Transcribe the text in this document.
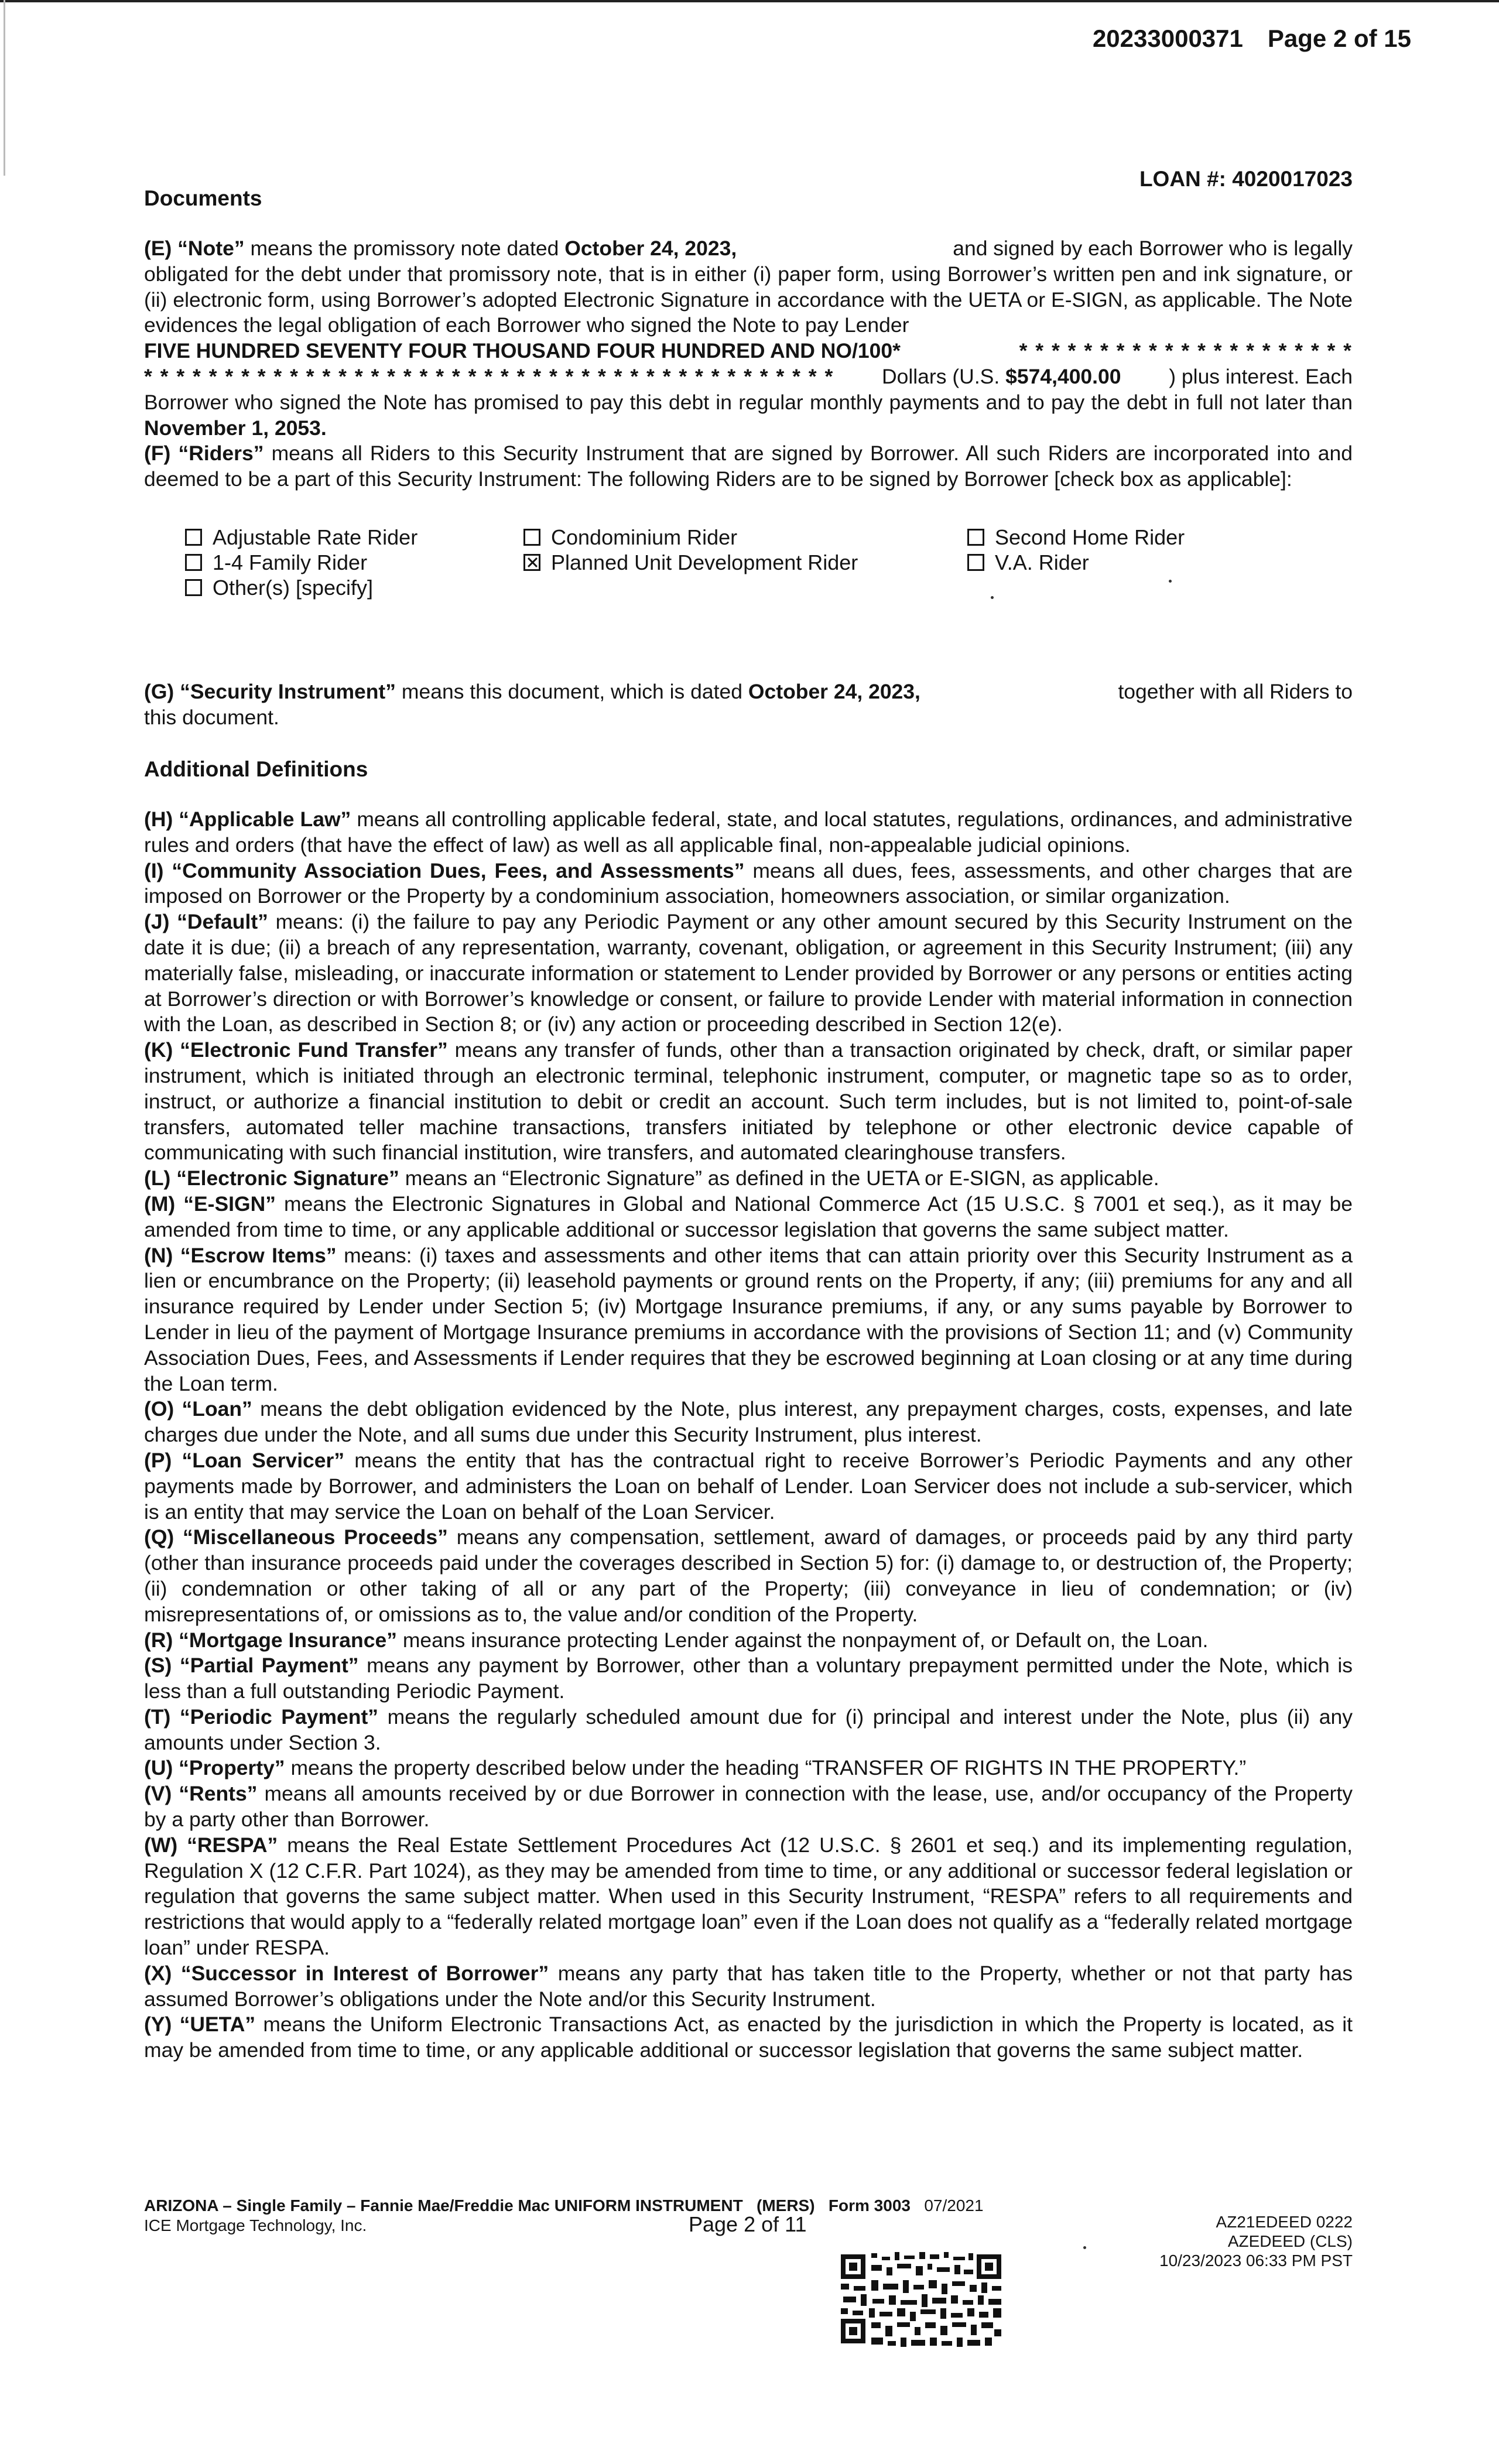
20233000371 Page 2 of 15
LOAN #: 4020017023
Documents
(E) “Note” means the promissory note dated October 24, 2023,	and signed by each Borrower who is legally

obligated for the debt under that promissory note, that is in either (i) paper form, using Borrower’s written pen and ink signature, or (ii) electronic form, using Borrower’s adopted Electronic Signature in accordance with the UETA or E-SIGN, as applicable. The Note evidences the legal obligation of each Borrower who signed the Note to pay Lender

FIVE HUNDRED SEVENTY FOUR THOUSAND FOUR HUNDRED AND NO/100*	* * * * * * * * * * * * * * * * * * * * *
* * * * * * * * * * * * * * * * * * * * * * * * * * * * * * * * * * * * * * * * * * * Dollars (U.S. $574,400.00 ) plus interest. Each

Borrower who signed the Note has promised to pay this debt in regular monthly payments and to pay the debt in full not later than November 1, 2053.

(F) “Riders” means all Riders to this Security Instrument that are signed by Borrower. All such Riders are incorporated into and deemed to be a part of this Security Instrument: The following Riders are to be signed by Borrower [check box as applicable]:

Adjustable Rate Rider	Condominium Rider	Second Home Rider
1-4 Family Rider	Planned Unit Development Rider	V.A. Rider
Other(s) [specify]
(G) “Security Instrument” means this document, which is dated October 24, 2023,	together with all Riders to

this document.

Additional Definitions

(H) “Applicable Law” means all controlling applicable federal, state, and local statutes, regulations, ordinances, and administrative rules and orders (that have the effect of law) as well as all applicable final, non-appealable judicial opinions.

(I) “Community Association Dues, Fees, and Assessments” means all dues, fees, assessments, and other charges that are imposed on Borrower or the Property by a condominium association, homeowners association, or similar organization.

(J) “Default” means: (i) the failure to pay any Periodic Payment or any other amount secured by this Security Instrument on the date it is due; (ii) a breach of any representation, warranty, covenant, obligation, or agreement in this Security Instrument; (iii) any materially false, misleading, or inaccurate information or statement to Lender provided by Borrower or any persons or entities acting at Borrower’s direction or with Borrower’s knowledge or consent, or failure to provide Lender with material information in connection with the Loan, as described in Section 8; or (iv) any action or proceeding described in Section 12(e).

(K) “Electronic Fund Transfer” means any transfer of funds, other than a transaction originated by check, draft, or similar paper instrument, which is initiated through an electronic terminal, telephonic instrument, computer, or magnetic tape so as to order, instruct, or authorize a financial institution to debit or credit an account. Such term includes, but is not limited to, point-of-sale transfers, automated teller machine transactions, transfers initiated by telephone or other electronic device capable of communicating with such financial institution, wire transfers, and automated clearinghouse transfers.

(L) “Electronic Signature” means an “Electronic Signature” as defined in the UETA or E-SIGN, as applicable.

(M) “E-SIGN” means the Electronic Signatures in Global and National Commerce Act (15 U.S.C. § 7001 et seq.), as it may be amended from time to time, or any applicable additional or successor legislation that governs the same subject matter.

(N) “Escrow Items” means: (i) taxes and assessments and other items that can attain priority over this Security Instrument as a lien or encumbrance on the Property; (ii) leasehold payments or ground rents on the Property, if any; (iii) premiums for any and all insurance required by Lender under Section 5; (iv) Mortgage Insurance premiums, if any, or any sums payable by Borrower to Lender in lieu of the payment of Mortgage Insurance premiums in accordance with the provisions of Section 11; and (v) Community Association Dues, Fees, and Assessments if Lender requires that they be escrowed beginning at Loan closing or at any time during the Loan term.

(O) “Loan” means the debt obligation evidenced by the Note, plus interest, any prepayment charges, costs, expenses, and late charges due under the Note, and all sums due under this Security Instrument, plus interest.

(P) “Loan Servicer” means the entity that has the contractual right to receive Borrower’s Periodic Payments and any other payments made by Borrower, and administers the Loan on behalf of Lender. Loan Servicer does not include a sub-servicer, which is an entity that may service the Loan on behalf of the Loan Servicer.

(Q) “Miscellaneous Proceeds” means any compensation, settlement, award of damages, or proceeds paid by any third party (other than insurance proceeds paid under the coverages described in Section 5) for: (i) damage to, or destruction of, the Property; (ii) condemnation or other taking of all or any part of the Property; (iii) conveyance in lieu of condemnation; or (iv) misrepresentations of, or omissions as to, the value and/or condition of the Property.

(R) “Mortgage Insurance” means insurance protecting Lender against the nonpayment of, or Default on, the Loan.

(S) “Partial Payment” means any payment by Borrower, other than a voluntary prepayment permitted under the Note, which is less than a full outstanding Periodic Payment.

(T) “Periodic Payment” means the regularly scheduled amount due for (i) principal and interest under the Note, plus (ii) any amounts under Section 3.

(U) “Property” means the property described below under the heading “TRANSFER OF RIGHTS IN THE PROPERTY.”

(V) “Rents” means all amounts received by or due Borrower in connection with the lease, use, and/or occupancy of the Property by a party other than Borrower.

(W) “RESPA” means the Real Estate Settlement Procedures Act (12 U.S.C. § 2601 et seq.) and its implementing regulation, Regulation X (12 C.F.R. Part 1024), as they may be amended from time to time, or any additional or successor federal legislation or regulation that governs the same subject matter. When used in this Security Instrument, “RESPA” refers to all requirements and restrictions that would apply to a “federally related mortgage loan” even if the Loan does not qualify as a “federally related mortgage loan” under RESPA.

(X) “Successor in Interest of Borrower” means any party that has taken title to the Property, whether or not that party has assumed Borrower’s obligations under the Note and/or this Security Instrument.

(Y) “UETA” means the Uniform Electronic Transactions Act, as enacted by the jurisdiction in which the Property is located, as it may be amended from time to time, or any applicable additional or successor legislation that governs the same subject matter.

ARIZONA – Single Family – Fannie Mae/Freddie Mac UNIFORM INSTRUMENT (MERS) Form 3003 07/2021
ICE Mortgage Technology, Inc.	Page 2 of 11	AZ21EDEED 0222
AZEDEED (CLS)
10/23/2023 06:33 PM PST
